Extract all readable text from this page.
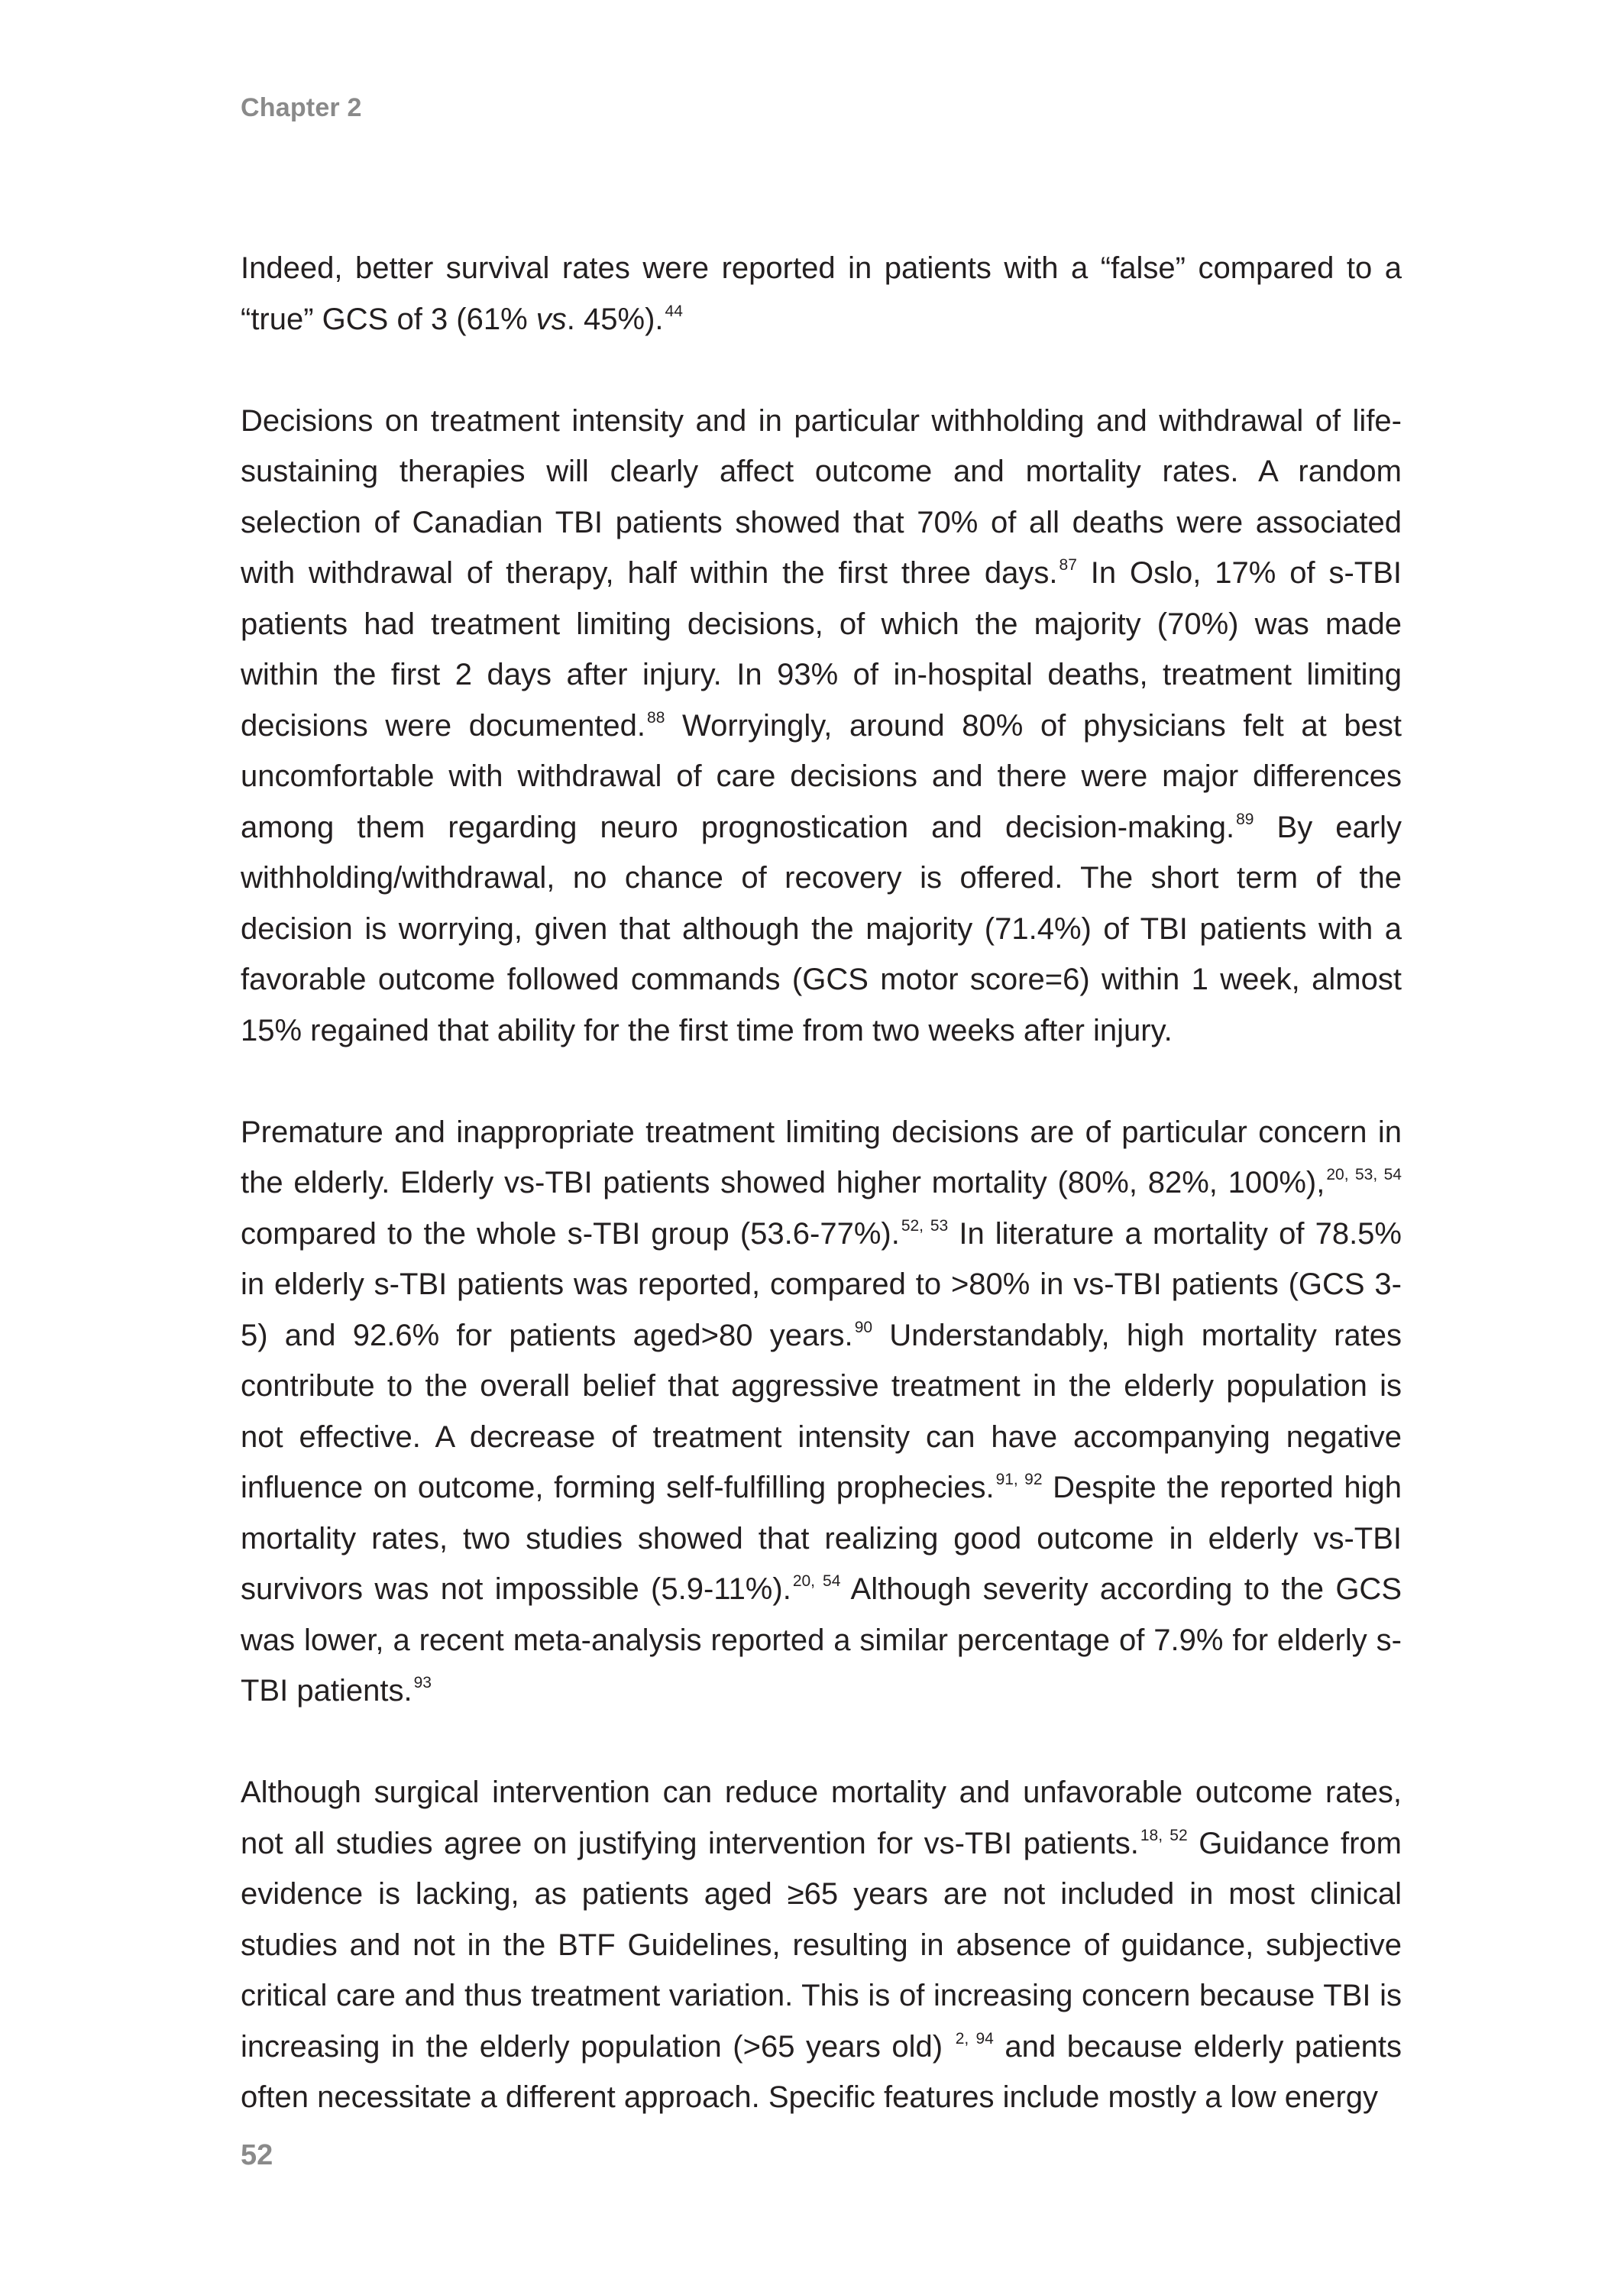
Chapter 2

Indeed, better survival rates were reported in patients with a “false” compared to a “true” GCS of 3 (61% vs. 45%).$^{44}$

Decisions on treatment intensity and in particular withholding and withdrawal of life-sustaining therapies will clearly affect outcome and mortality rates. A random selection of Canadian TBI patients showed that 70% of all deaths were associated with withdrawal of therapy, half within the first three days.$^{87}$ In Oslo, 17% of s-TBI patients had treatment limiting decisions, of which the majority (70%) was made within the first 2 days after injury. In 93% of in-hospital deaths, treatment limiting decisions were documented.$^{88}$ Worryingly, around 80% of physicians felt at best uncomfortable with withdrawal of care decisions and there were major differences among them regarding neuro prognostication and decision-making.$^{89}$ By early withholding/withdrawal, no chance of recovery is offered. The short term of the decision is worrying, given that although the majority (71.4%) of TBI patients with a favorable outcome followed commands (GCS motor score=6) within 1 week, almost 15% regained that ability for the first time from two weeks after injury.

Premature and inappropriate treatment limiting decisions are of particular concern in the elderly. Elderly vs-TBI patients showed higher mortality (80%, 82%, 100%),$^{20, 53, 54}$ compared to the whole s-TBI group (53.6-77%).$^{52, 53}$ In literature a mortality of 78.5% in elderly s-TBI patients was reported, compared to >80% in vs-TBI patients (GCS 3-5) and 92.6% for patients aged>80 years.$^{90}$ Understandably, high mortality rates contribute to the overall belief that aggressive treatment in the elderly population is not effective. A decrease of treatment intensity can have accompanying negative influence on outcome, forming self-fulfilling prophecies.$^{91, 92}$ Despite the reported high mortality rates, two studies showed that realizing good outcome in elderly vs-TBI survivors was not impossible (5.9-11%).$^{20, 54}$ Although severity according to the GCS was lower, a recent meta-analysis reported a similar percentage of 7.9% for elderly s-TBI patients.$^{93}$

Although surgical intervention can reduce mortality and unfavorable outcome rates, not all studies agree on justifying intervention for vs-TBI patients.$^{18, 52}$ Guidance from evidence is lacking, as patients aged ≥65 years are not included in most clinical studies and not in the BTF Guidelines, resulting in absence of guidance, subjective critical care and thus treatment variation. This is of increasing concern because TBI is increasing in the elderly population (>65 years old) $^{2, 94}$ and because elderly patients often necessitate a different approach. Specific features include mostly a low energy

52
